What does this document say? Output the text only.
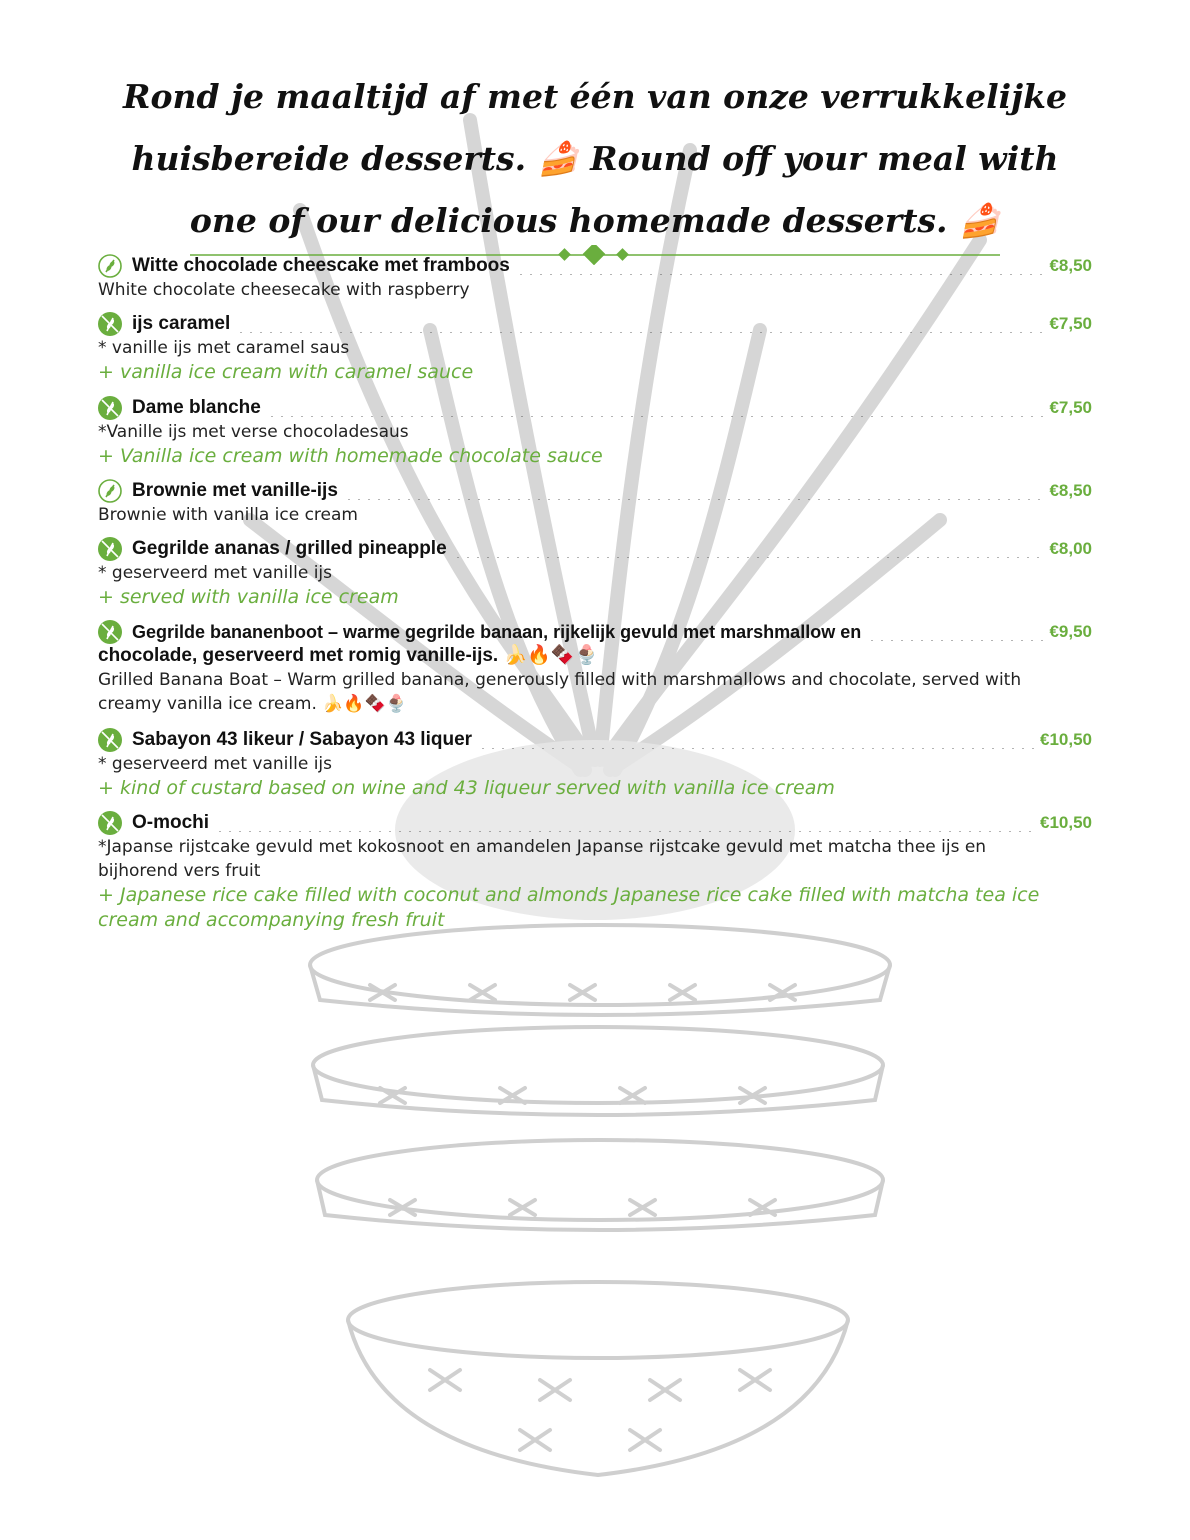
Rond je maaltijd af met één van onze verrukkelijke huisbereide desserts. 🍰 Round off your meal with one of our delicious homemade desserts. 🍰
Witte chocolade cheescake met framboos	€8,50
White chocolate cheesecake with raspberry
ijs caramel	€7,50
* vanille ijs met caramel saus
+ vanilla ice cream with caramel sauce
Dame blanche	€7,50
*Vanille ijs met verse chocoladesaus
+ Vanilla ice cream with homemade chocolate sauce
Brownie met vanille-ijs	€8,50
Brownie with vanilla ice cream
Gegrilde ananas / grilled pineapple	€8,00
* geserveerd met vanille ijs
+ served with vanilla ice cream
Gegrilde bananenboot – warme gegrilde banaan, rijkelijk gevuld met marshmallow en	€9,50
chocolade, geserveerd met romig vanille-ijs. 🍌🔥🍫🍨
Grilled Banana Boat – Warm grilled banana, generously filled with marshmallows and chocolate, served with creamy vanilla ice cream. 🍌🔥🍫🍨
Sabayon 43 likeur / Sabayon 43 liquer	€10,50
* geserveerd met vanille ijs
+ kind of custard based on wine and 43 liqueur served with vanilla ice cream
O-mochi	€10,50
*Japanse rijstcake gevuld met kokosnoot en amandelen Japanse rijstcake gevuld met matcha thee ijs en bijhorend vers fruit
+ Japanese rice cake filled with coconut and almonds Japanese rice cake filled with matcha tea ice cream and accompanying fresh fruit
